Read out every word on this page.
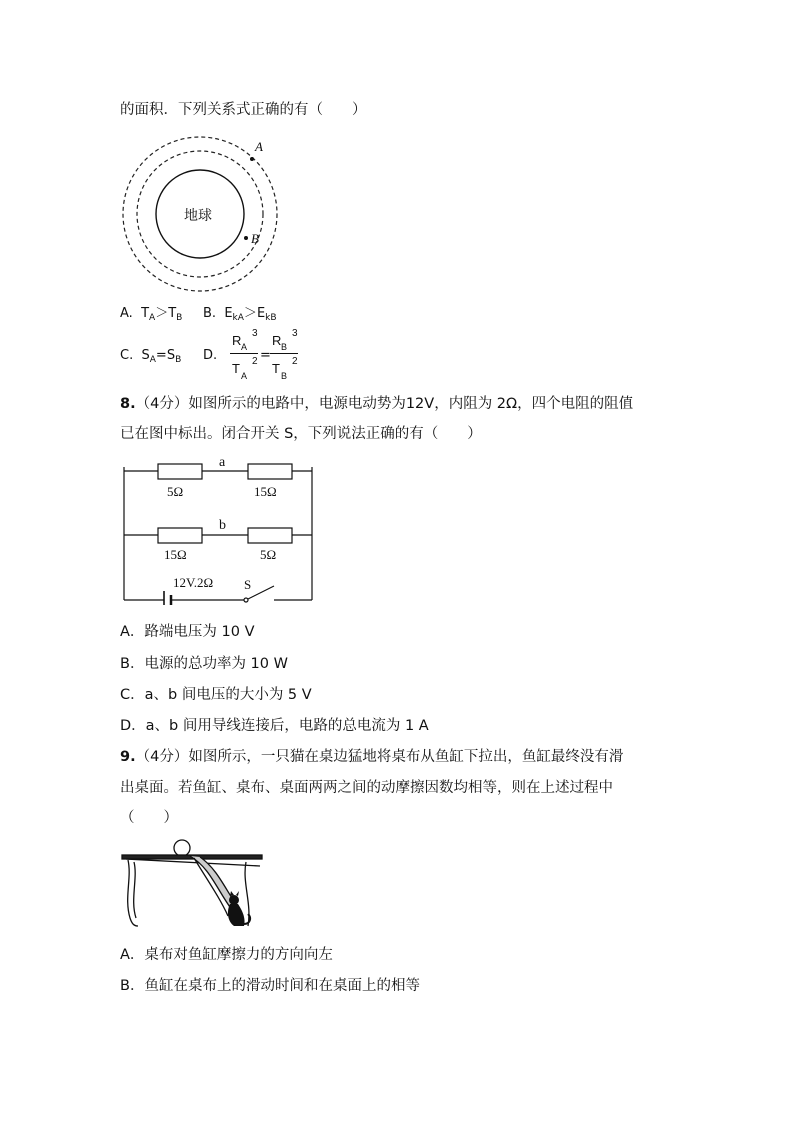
的面积．下列关系式正确的有（　　）
地球
A
B
A. $T_A>T_B$ B. $E_{kA}>E_{kB}$
C. $S_A=S_B$ D.
R A
3
T A
2 =
R B
3
T B
2
8.（4分）如图所示的电路中，电源电动势为12V，内阻为 2Ω，四个电阻的阻值
已在图中标出。闭合开关 S，下列说法正确的有（　　）
a
5Ω	15Ω
b
15Ω	5Ω
12V.2Ω S
A．路端电压为 10 V
B．电源的总功率为 10 W
C．a、b 间电压的大小为 5 V
D．a、b 间用导线连接后，电路的总电流为 1 A
9.（4分）如图所示，一只猫在桌边猛地将桌布从鱼缸下拉出，鱼缸最终没有滑
出桌面。若鱼缸、桌布、桌面两两之间的动摩擦因数均相等，则在上述过程中
（　　）
A．桌布对鱼缸摩擦力的方向向左
B．鱼缸在桌布上的滑动时间和在桌面上的相等
